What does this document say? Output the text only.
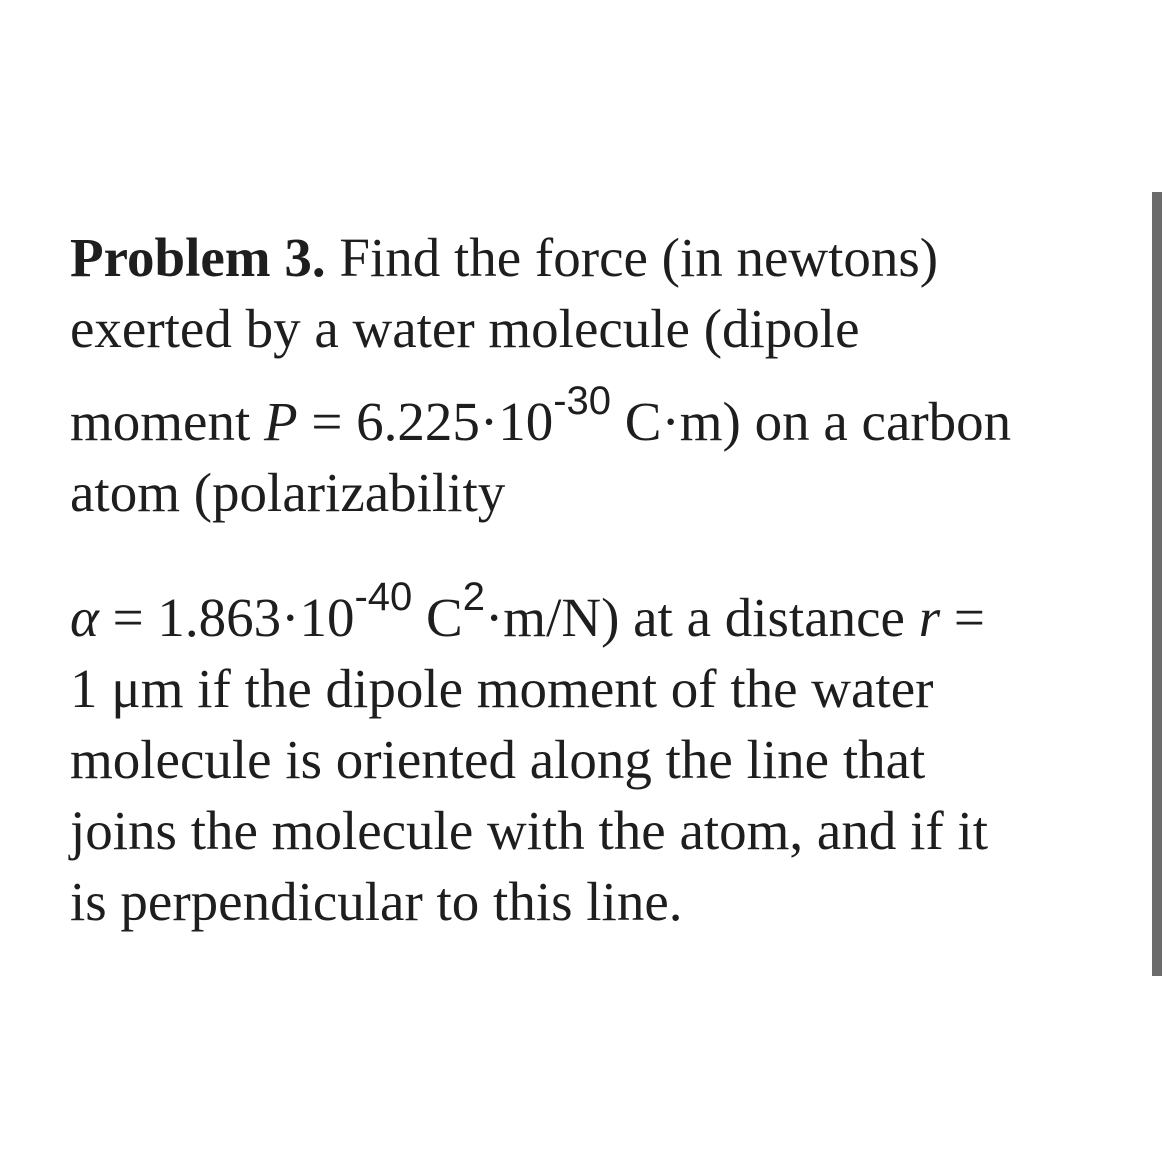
Problem 3. Find the force (in newtons)
exerted by a water molecule (dipole
moment $P = 6.225\cdot 10^{-30}$ C·m) on a carbon
atom (polarizability
$\alpha = 1.863\cdot 10^{-40}$ $C^2\cdot m/N$) at a distance r =
1 μm if the dipole moment of the water
molecule is oriented along the line that
joins the molecule with the atom, and if it
is perpendicular to this line.
